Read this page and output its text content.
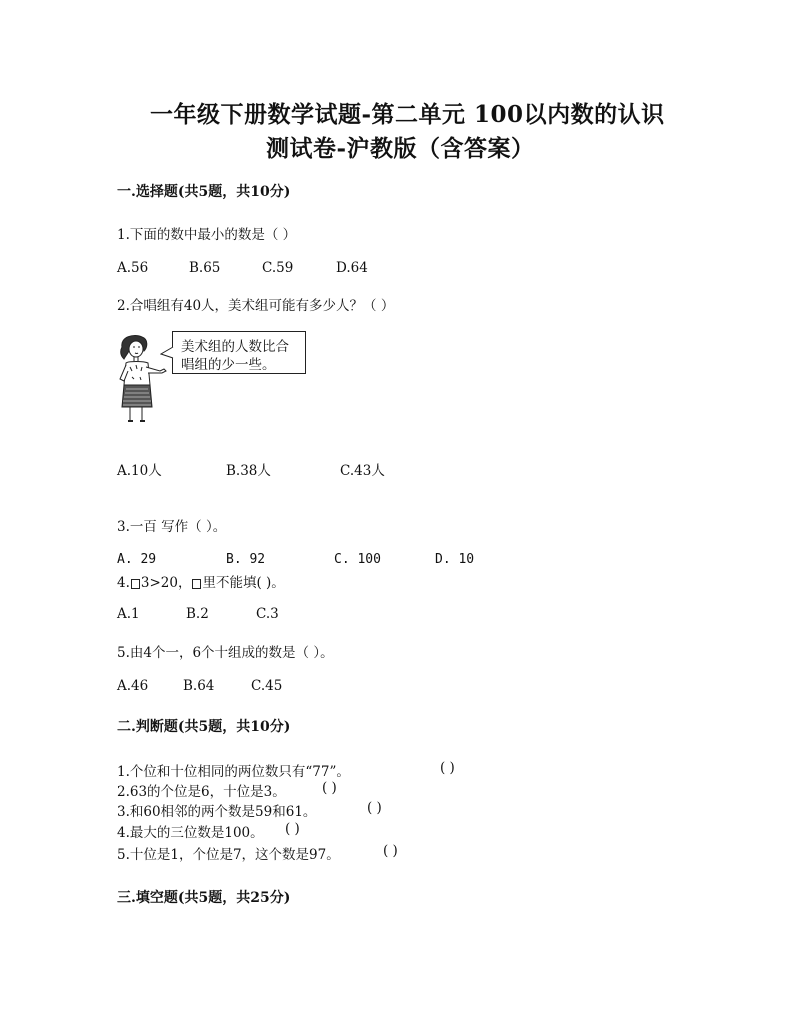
一年级下册数学试题-第二单元 100以内数的认识
测试卷-沪教版（含答案）
一.选择题(共5题，共10分)
1.下面的数中最小的数是（ ）
A.56	B.65	C.59	D.64
2.合唱组有40人，美术组可能有多少人？（ ）
美术组的人数比合
唱组的少一些。
A.10人	B.38人	C.43人
3.一百 写作（ ）。
A. 29	B. 92	C. 100	D. 10
4. 3>20， 里不能填( )。
A.1	B.2	C.3
5.由4个一，6个十组成的数是（ ）。
A.46	B.64	C.45
二.判断题(共5题，共10分)
1.个位和十位相同的两位数只有“77”。	( )
2.63的个位是6，十位是3。	( )
3.和60相邻的两个数是59和61。	( )
4.最大的三位数是100。 ( )
5.十位是1，个位是7，这个数是97。	( )
三.填空题(共5题，共25分)
